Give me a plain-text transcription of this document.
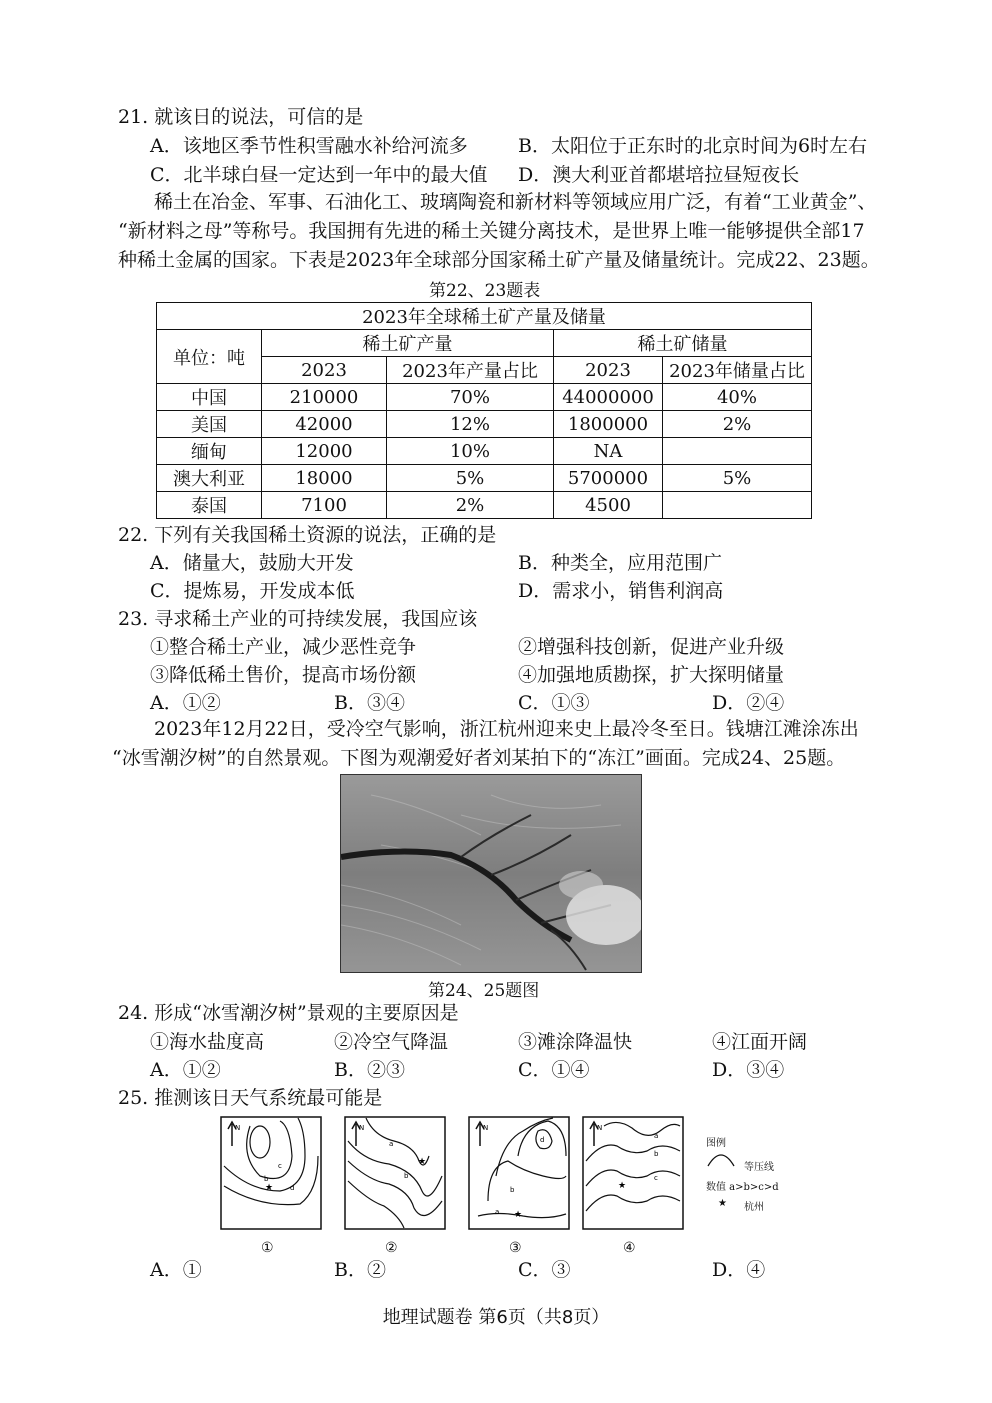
21. 就该日的说法，可信的是
A．该地区季节性积雪融水补给河流多	B．太阳位于正东时的北京时间为6时左右
C．北半球白昼一定达到一年中的最大值 D．澳大利亚首都堪培拉昼短夜长

稀土在冶金、军事、石油化工、玻璃陶瓷和新材料等领域应用广泛，有着“工业黄金”、

“新材料之母”等称号。我国拥有先进的稀土关键分离技术，是世界上唯一能够提供全部17

种稀土金属的国家。下表是2023年全球部分国家稀土矿产量及储量统计。完成22、23题。

第22、23题表
2023年全球稀土矿产量及储量				
单位：吨	稀土矿产量		稀土矿储量	
	2023	2023年产量占比	2023	2023年储量占比
中国	210000	70%	44000000	40%
美国	42000	12%	1800000	2%
缅甸	12000	10%	NA	
澳大利亚	18000	5%	5700000	5%
泰国	7100	2%	4500	
22. 下列有关我国稀土资源的说法，正确的是
A．储量大，鼓励大开发	B．种类全，应用范围广
C．提炼易，开发成本低	D．需求小，销售利润高
23. 寻求稀土产业的可持续发展，我国应该
①整合稀土产业，减少恶性竞争	②增强科技创新，促进产业升级
③降低稀土售价，提高市场份额	④加强地质勘探，扩大探明储量
A．①②	B．③④	C．①③	D．②④

2023年12月22日，受冷空气影响，浙江杭州迎来史上最冷冬至日。钱塘江滩涂冻出

“冰雪潮汐树”的自然景观。下图为观潮爱好者刘某拍下的“冻江”画面。完成24、25题。

第24、25题图
24. 形成“冰雪潮汐树”景观的主要原因是
①海水盐度高	②冷空气降温	③滩涂降温快	④江面开阔
A．①②	B．②③	C．①④	D．③④
25. 推测该日天气系统最可能是
N
b
c
d
★
①
N
a
b
★
②
N
d
b
a ★
③
N
a
b
c
★
④
图例
等压线
数值 a>b>c>d
★ 杭州
A．①	B．②	C．③	D．④
地理试题卷 第6页（共8页）
